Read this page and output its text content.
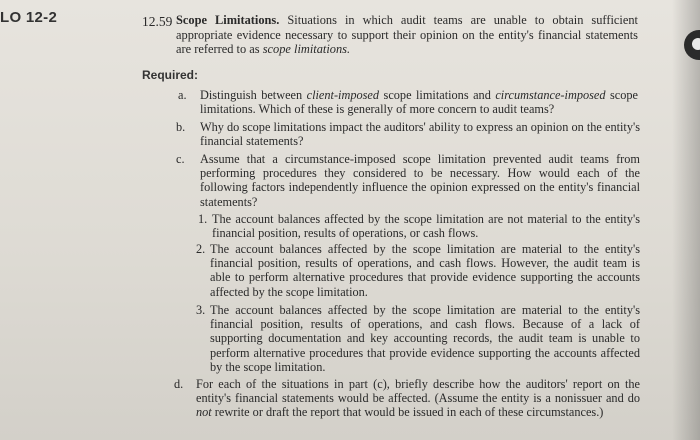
LO 12-2	12.59 Scope Limitations. Situations in which audit teams are unable to obtain sufficient appropriate evidence necessary to support their opinion on the entity's financial statements are referred to as scope limitations.
Required:
a. Distinguish between client-imposed scope limitations and circumstance-imposed scope limitations. Which of these is generally of more concern to audit teams?
b. Why do scope limitations impact the auditors' ability to express an opinion on the entity's financial statements?
c. Assume that a circumstance-imposed scope limitation prevented audit teams from performing procedures they considered to be necessary. How would each of the following factors independently influence the opinion expressed on the entity's financial statements?
1. The account balances affected by the scope limitation are not material to the entity's financial position, results of operations, or cash flows.
2. The account balances affected by the scope limitation are material to the entity's financial position, results of operations, and cash flows. However, the audit team is able to perform alternative procedures that provide evidence supporting the accounts affected by the scope limitation.
3. The account balances affected by the scope limitation are material to the entity's financial position, results of operations, and cash flows. Because of a lack of supporting documentation and key accounting records, the audit team is unable to perform alternative procedures that provide evidence supporting the accounts affected by the scope limitation.
d. For each of the situations in part (c), briefly describe how the auditors' report on the entity's financial statements would be affected. (Assume the entity is a nonissuer and do not rewrite or draft the report that would be issued in each of these circumstances.)
